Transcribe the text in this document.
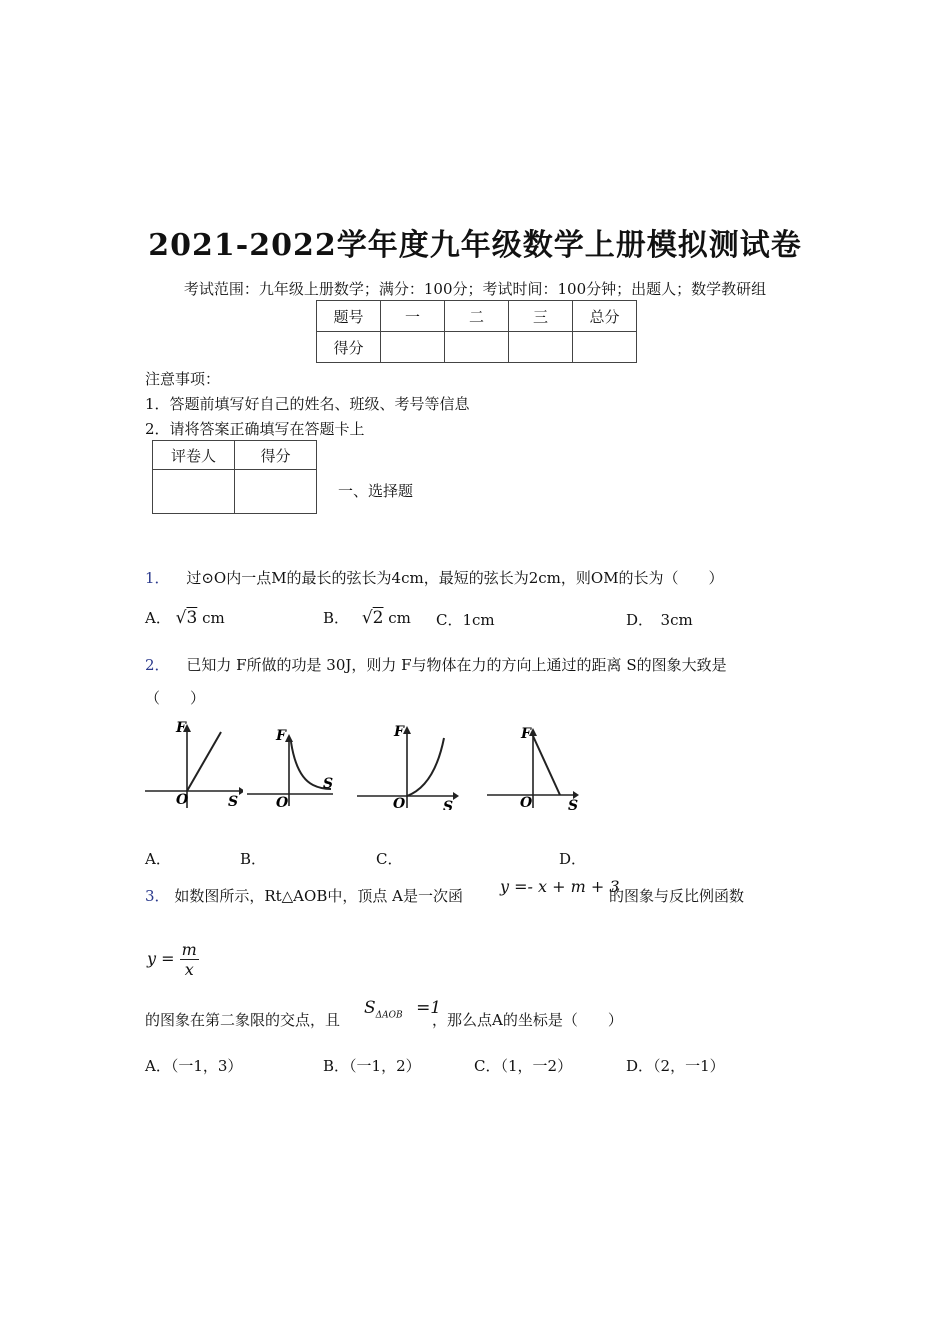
2021-2022学年度九年级数学上册模拟测试卷
考试范围：九年级上册数学；满分：100分；考试时间：100分钟；出题人；数学教研组
题号	一	二	三	总分
得分				
注意事项：
1．答题前填写好自己的姓名、班级、考号等信息
2．请将答案正确填写在答题卡上
评卷人	得分

一、选择题
1． 过⊙O内一点M的最长的弦长为4cm，最短的弦长为2cm，则OM的长为（　　）
A． √3 cm	B． √2 cm C．1cm	D．　3cm
2． 已知力 F所做的功是 30J，则力 F与物体在力的方向上通过的距离 S的图象大致是
（　　）
F
O	S
F
O
S
F
O	S
F
O	S
A．	B．	C．	D．
3． 如数图所示，Rt△AOB中，顶点 A是一次函 y =- x + m + 3
的图象与反比例函数
$y = \frac{m}{x}$
的图象在第二象限的交点，且
$S_{\Delta AOB} =1$
，那么点A的坐标是（　　）
A．（一1，3）	B．（一1，2）	C．（1，一2）	D．（2，一1）
